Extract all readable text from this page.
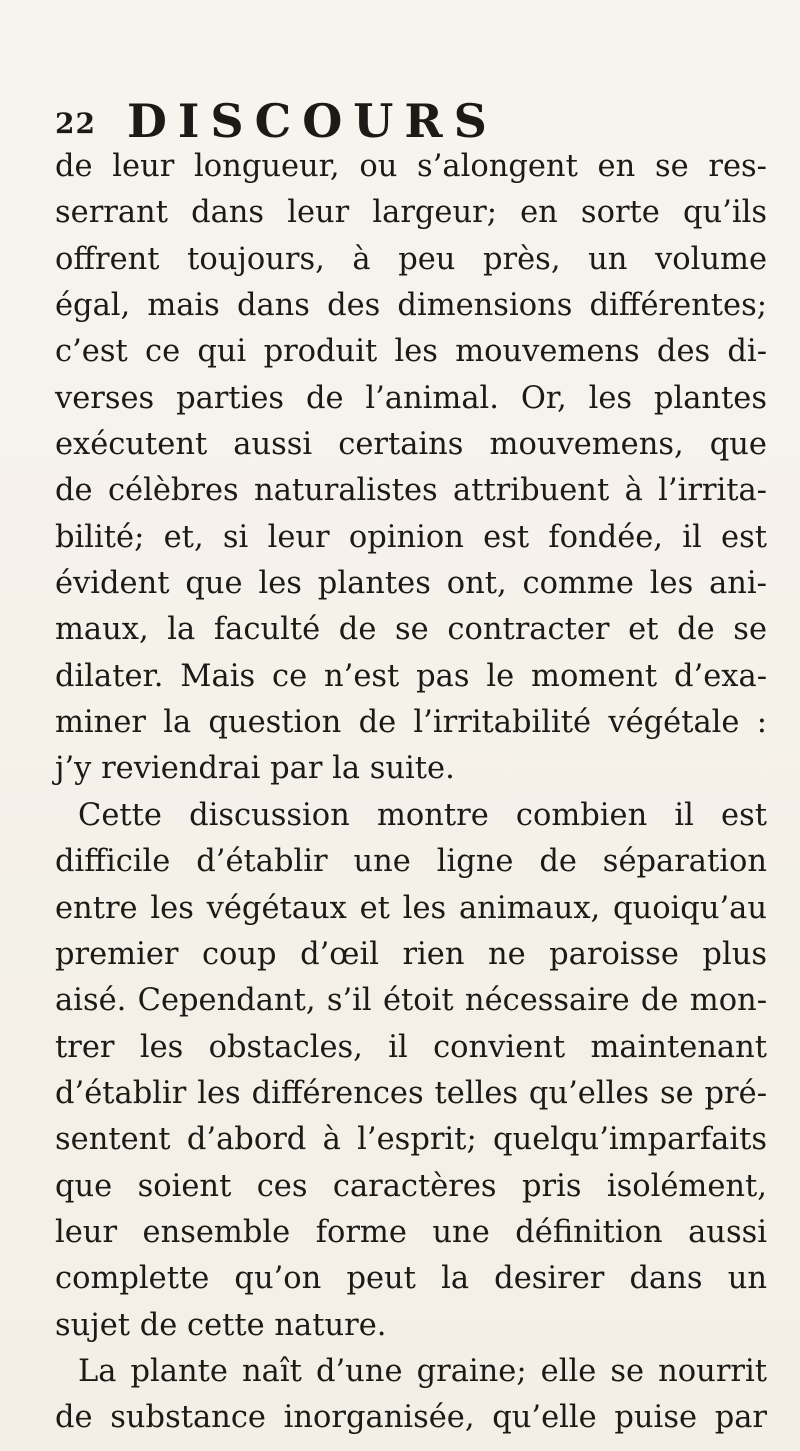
22 DISCOURS
de leur longueur, ou s’alongent en se res-
serrant dans leur largeur; en sorte qu’ils
offrent toujours, à peu près, un volume
égal, mais dans des dimensions différentes;
c’est ce qui produit les mouvemens des di-
verses parties de l’animal. Or, les plantes
exécutent aussi certains mouvemens, que
de célèbres naturalistes attribuent à l’irrita-
bilité; et, si leur opinion est fondée, il est
évident que les plantes ont, comme les ani-
maux, la faculté de se contracter et de se
dilater. Mais ce n’est pas le moment d’exa-
miner la question de l’irritabilité végétale :
j’y reviendrai par la suite.
Cette discussion montre combien il est
difficile d’établir une ligne de séparation
entre les végétaux et les animaux, quoiqu’au
premier coup d’œil rien ne paroisse plus
aisé. Cependant, s’il étoit nécessaire de mon-
trer les obstacles, il convient maintenant
d’établir les différences telles qu’elles se pré-
sentent d’abord à l’esprit; quelqu’imparfaits
que soient ces caractères pris isolément,
leur ensemble forme une définition aussi
complette qu’on peut la desirer dans un
sujet de cette nature.
La plante naît d’une graine; elle se nourrit
de substance inorganisée, qu’elle puise par
